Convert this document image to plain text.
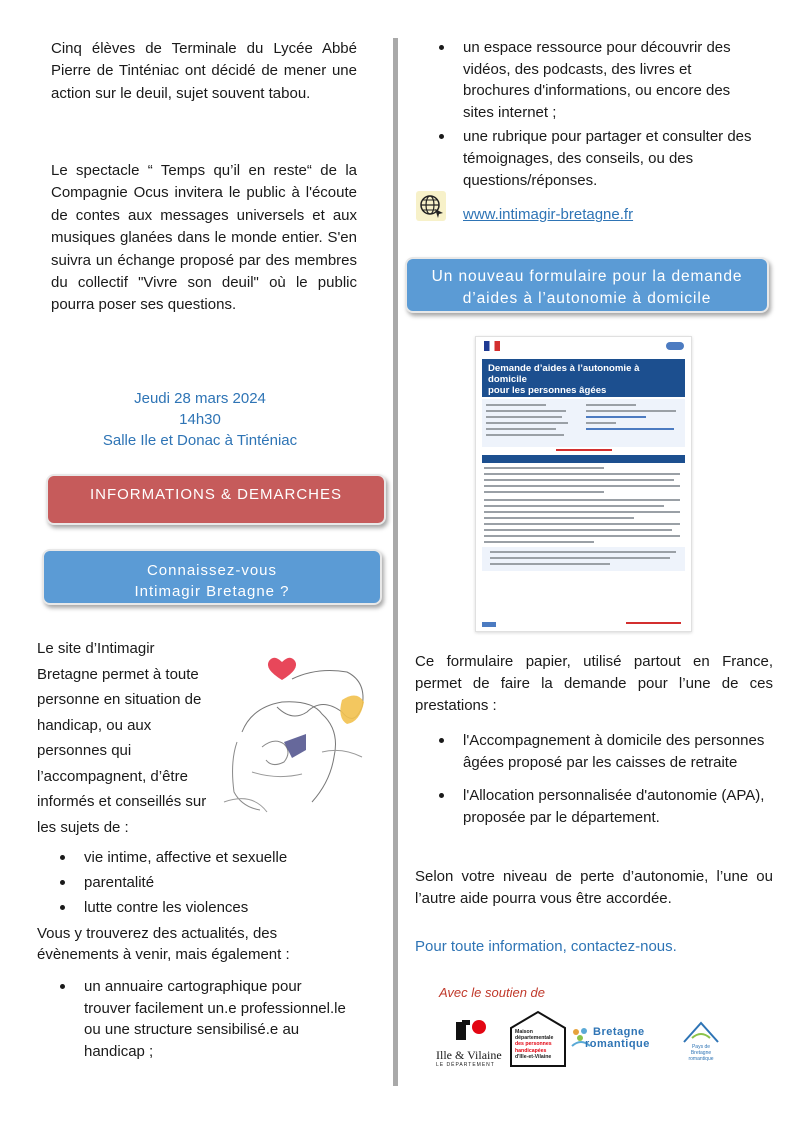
Cinq élèves de Terminale du Lycée Abbé Pierre de Tinténiac ont décidé de mener une action sur le deuil, sujet souvent tabou.
Le spectacle “ Temps qu’il en reste“ de la Compagnie Ocus invitera le public à l'écoute de contes aux messages universels et aux musiques glanées dans le monde entier. S'en suivra un échange proposé par des membres du collectif "Vivre son deuil" où le public pourra poser ses questions.
Jeudi 28 mars 2024
14h30
Salle Ile et Donac à Tinténiac
INFORMATIONS & DEMARCHES
Connaissez-vous
Intimagir Bretagne ?
Le site d’Intimagir Bretagne permet à toute personne en situation de handicap, ou aux personnes qui l’accompagnent, d’être informés et conseillés sur les sujets de :
vie intime, affective et sexuelle
parentalité
lutte contre les violences
Vous y trouverez des actualités, des évènements à venir, mais également :
un annuaire cartographique pour trouver facilement un.e professionnel.le ou une structure sensibilisé.e au handicap ;
un espace ressource pour découvrir des vidéos, des podcasts, des livres et brochures d'informations, ou encore des sites internet ;
une rubrique pour partager et consulter des témoignages, des conseils, ou des questions/réponses.
www.intimagir-bretagne.fr
Un nouveau formulaire pour la demande
d’aides à l’autonomie à domicile
Demande d’aides à l’autonomie à domicile
pour les personnes âgées
Ce formulaire papier, utilisé partout en France, permet de faire la demande pour l’une de ces prestations :
l'Accompagnement à domicile des personnes âgées proposé par les caisses de retraite
l'Allocation personnalisée d'autonomie (APA), proposée par le département.
Selon votre niveau de perte d’autonomie, l’une ou l’autre aide pourra vous être accordée.
Pour toute information, contactez-nous.
Avec le soutien de
Ille & Vilaine
LE DÉPARTEMENT
Maison
départementale
des personnes
handicapées
d'Ille-et-Vilaine
Bretagne
romantique	Pays de
Bretagne romantique
